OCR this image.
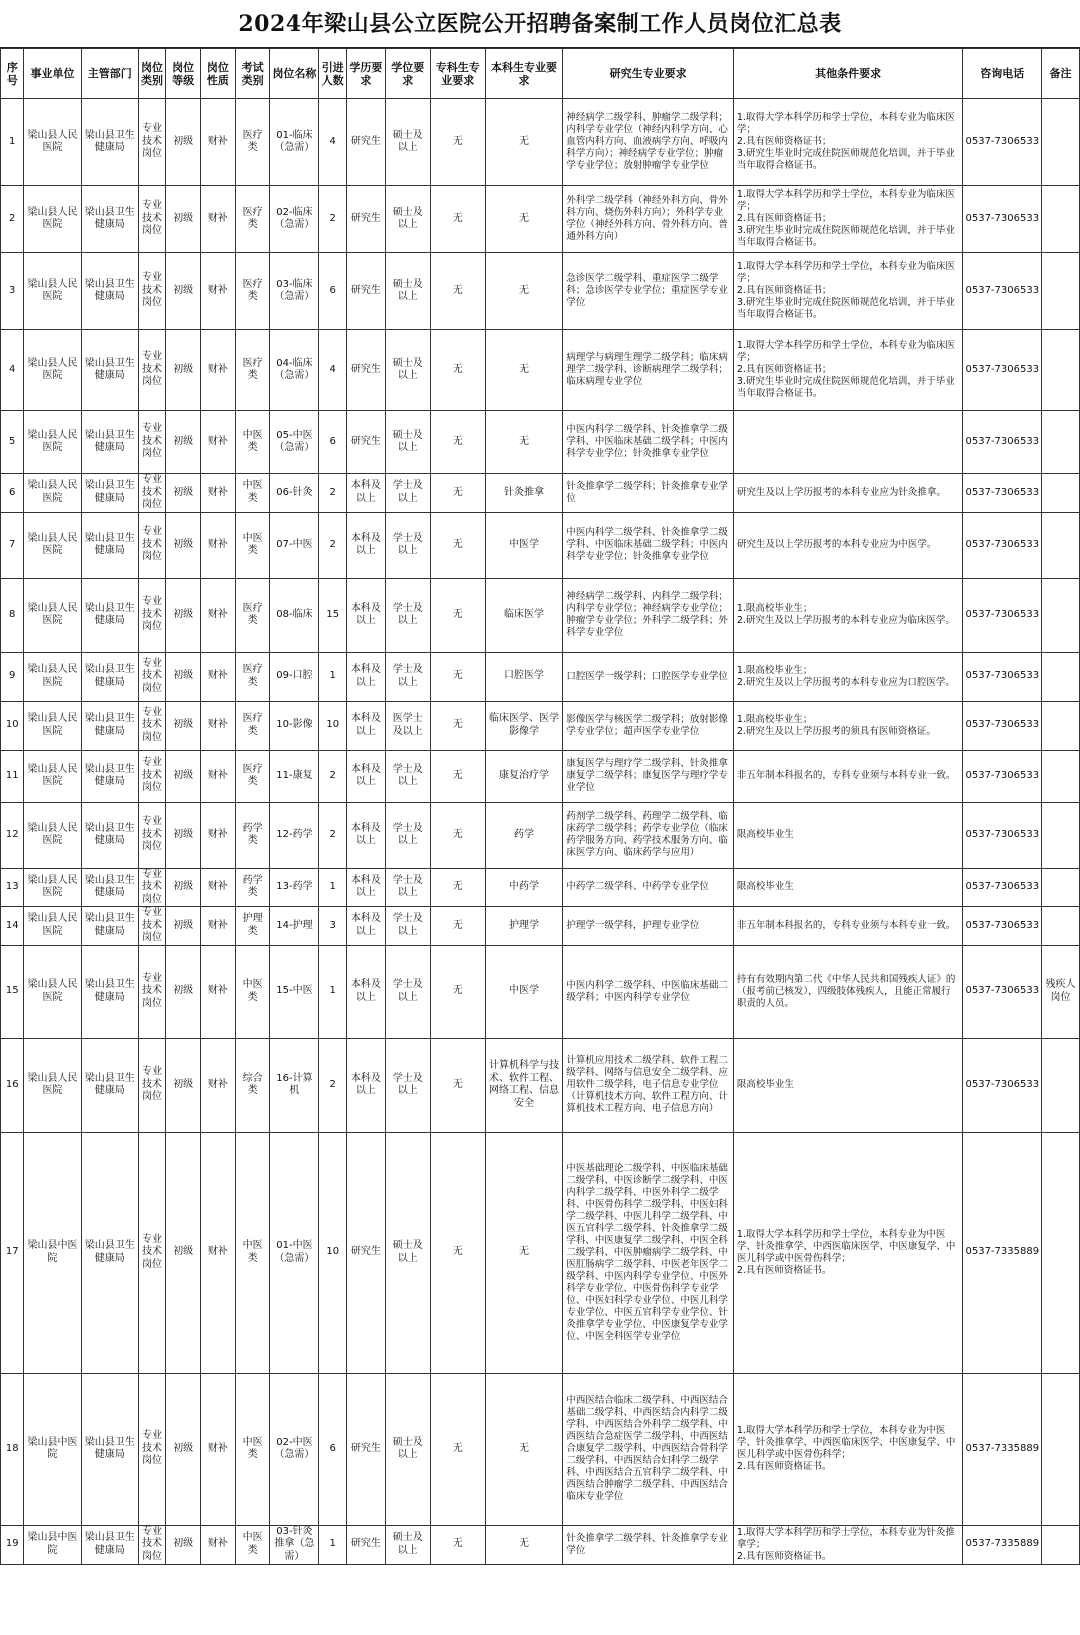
2024年梁山县公立医院公开招聘备案制工作人员岗位汇总表
序号	事业单位	主管部门	岗位类别	岗位等级	岗位性质	考试类别	岗位名称	引进人数	学历要求	学位要求	专科生专业要求	本科生专业要求	研究生专业要求	其他条件要求	咨询电话	备注
1	梁山县人民医院	梁山县卫生健康局	专业技术岗位	初级	财补	医疗类	01-临床（急需）	4	研究生	硕士及以上	无	无	神经病学二级学科、肿瘤学二级学科；内科学专业学位（神经内科学方向、心血管内科方向、血液病学方向、呼吸内科学方向）；神经病学专业学位；肿瘤学专业学位；放射肿瘤学专业学位	1.取得大学本科学历和学士学位，本科专业为临床医学；
2.具有医师资格证书；
3.研究生毕业时完成住院医师规范化培训，并于毕业当年取得合格证书。	0537-7306533	
2	梁山县人民医院	梁山县卫生健康局	专业技术岗位	初级	财补	医疗类	02-临床（急需）	2	研究生	硕士及以上	无	无	外科学二级学科（神经外科方向、骨外科方向、烧伤外科方向）；外科学专业学位（神经外科方向、骨外科方向、普通外科方向）	1.取得大学本科学历和学士学位，本科专业为临床医学；
2.具有医师资格证书；
3.研究生毕业时完成住院医师规范化培训，并于毕业当年取得合格证书。	0537-7306533	
3	梁山县人民医院	梁山县卫生健康局	专业技术岗位	初级	财补	医疗类	03-临床（急需）	6	研究生	硕士及以上	无	无	急诊医学二级学科、重症医学二级学科；急诊医学专业学位；重症医学专业学位	1.取得大学本科学历和学士学位，本科专业为临床医学；
2.具有医师资格证书；
3.研究生毕业时完成住院医师规范化培训，并于毕业当年取得合格证书。	0537-7306533	
4	梁山县人民医院	梁山县卫生健康局	专业技术岗位	初级	财补	医疗类	04-临床（急需）	4	研究生	硕士及以上	无	无	病理学与病理生理学二级学科；临床病理学二级学科、诊断病理学二级学科；临床病理专业学位	1.取得大学本科学历和学士学位，本科专业为临床医学；
2.具有医师资格证书；
3.研究生毕业时完成住院医师规范化培训，并于毕业当年取得合格证书。	0537-7306533	
5	梁山县人民医院	梁山县卫生健康局	专业技术岗位	初级	财补	中医类	05-中医（急需）	6	研究生	硕士及以上	无	无	中医内科学二级学科、针灸推拿学二级学科、中医临床基础二级学科；中医内科学专业学位；针灸推拿专业学位		0537-7306533	
6	梁山县人民医院	梁山县卫生健康局	专业技术岗位	初级	财补	中医类	06-针灸	2	本科及以上	学士及以上	无	针灸推拿	针灸推拿学二级学科；针灸推拿专业学位	研究生及以上学历报考的本科专业应为针灸推拿。	0537-7306533	
7	梁山县人民医院	梁山县卫生健康局	专业技术岗位	初级	财补	中医类	07-中医	2	本科及以上	学士及以上	无	中医学	中医内科学二级学科、针灸推拿学二级学科、中医临床基础二级学科；中医内科学专业学位；针灸推拿专业学位	研究生及以上学历报考的本科专业应为中医学。	0537-7306533	
8	梁山县人民医院	梁山县卫生健康局	专业技术岗位	初级	财补	医疗类	08-临床	15	本科及以上	学士及以上	无	临床医学	神经病学二级学科、内科学二级学科；内科学专业学位；神经病学专业学位；肿瘤学专业学位；外科学二级学科；外科学专业学位	1.限高校毕业生；
2.研究生及以上学历报考的本科专业应为临床医学。	0537-7306533	
9	梁山县人民医院	梁山县卫生健康局	专业技术岗位	初级	财补	医疗类	09-口腔	1	本科及以上	学士及以上	无	口腔医学	口腔医学一级学科；口腔医学专业学位	1.限高校毕业生；
2.研究生及以上学历报考的本科专业应为口腔医学。	0537-7306533	
10	梁山县人民医院	梁山县卫生健康局	专业技术岗位	初级	财补	医疗类	10-影像	10	本科及以上	医学士及以上	无	临床医学、医学影像学	影像医学与核医学二级学科；放射影像学专业学位；超声医学专业学位	1.限高校毕业生；
2.研究生及以上学历报考的须具有医师资格证。	0537-7306533	
11	梁山县人民医院	梁山县卫生健康局	专业技术岗位	初级	财补	医疗类	11-康复	2	本科及以上	学士及以上	无	康复治疗学	康复医学与理疗学二级学科、针灸推拿康复学二级学科；康复医学与理疗学专业学位	非五年制本科报名的，专科专业须与本科专业一致。	0537-7306533	
12	梁山县人民医院	梁山县卫生健康局	专业技术岗位	初级	财补	药学类	12-药学	2	本科及以上	学士及以上	无	药学	药剂学二级学科、药理学二级学科、临床药学二级学科；药学专业学位（临床药学服务方向、药学技术服务方向、临床医学方向、临床药学与应用）	限高校毕业生	0537-7306533	
13	梁山县人民医院	梁山县卫生健康局	专业技术岗位	初级	财补	药学类	13-药学	1	本科及以上	学士及以上	无	中药学	中药学二级学科、中药学专业学位	限高校毕业生	0537-7306533	
14	梁山县人民医院	梁山县卫生健康局	专业技术岗位	初级	财补	护理类	14-护理	3	本科及以上	学士及以上	无	护理学	护理学一级学科，护理专业学位	非五年制本科报名的，专科专业须与本科专业一致。	0537-7306533	
15	梁山县人民医院	梁山县卫生健康局	专业技术岗位	初级	财补	中医类	15-中医	1	本科及以上	学士及以上	无	中医学	中医内科学二级学科、中医临床基础二级学科；中医内科学专业学位	持有有效期内第二代《中华人民共和国残疾人证》的（报考前已核发），四级肢体残疾人，且能正常履行职责的人员。	0537-7306533	残疾人岗位
16	梁山县人民医院	梁山县卫生健康局	专业技术岗位	初级	财补	综合类	16-计算机	2	本科及以上	学士及以上	无	计算机科学与技术、软件工程、网络工程、信息安全	计算机应用技术二级学科、软件工程二级学科、网络与信息安全二级学科、应用软件二级学科，电子信息专业学位（计算机技术方向、软件工程方向、计算机技术工程方向、电子信息方向）	限高校毕业生	0537-7306533	
17	梁山县中医院	梁山县卫生健康局	专业技术岗位	初级	财补	中医类	01-中医（急需）	10	研究生	硕士及以上	无	无	中医基础理论二级学科、中医临床基础二级学科、中医诊断学二级学科、中医内科学二级学科、中医外科学二级学科、中医骨伤科学二级学科、中医妇科学二级学科、中医儿科学二级学科、中医五官科学二级学科、针灸推拿学二级学科、中医康复学二级学科、中医全科二级学科、中医肿瘤病学二级学科、中医肛肠病学二级学科、中医老年医学二级学科、中医内科学专业学位、中医外科学专业学位、中医骨伤科学专业学位、中医妇科学专业学位、中医儿科学专业学位、中医五官科学专业学位、针灸推拿学专业学位、中医康复学专业学位、中医全科医学专业学位	1.取得大学本科学历和学士学位，本科专业为中医学、针灸推拿学、中西医临床医学、中医康复学、中医儿科学或中医骨伤科学；
2.具有医师资格证书。	0537-7335889	
18	梁山县中医院	梁山县卫生健康局	专业技术岗位	初级	财补	中医类	02-中医（急需）	6	研究生	硕士及以上	无	无	中西医结合临床二级学科、中西医结合基础二级学科、中西医结合内科学二级学科、中西医结合外科学二级学科、中西医结合急症医学二级学科、中西医结合康复学二级学科、中西医结合骨科学二级学科、中西医结合妇科学二级学科、中西医结合五官科学二级学科、中西医结合肿瘤学二级学科、中西医结合临床专业学位	1.取得大学本科学历和学士学位，本科专业为中医学、针灸推拿学、中西医临床医学、中医康复学、中医儿科学或中医骨伤科学；
2.具有医师资格证书。	0537-7335889	
19	梁山县中医院	梁山县卫生健康局	专业技术岗位	初级	财补	中医类	03-针灸推拿（急需）	1	研究生	硕士及以上	无	无	针灸推拿学二级学科、针灸推拿学专业学位	1.取得大学本科学历和学士学位，本科专业为针灸推拿学；
2.具有医师资格证书。	0537-7335889	
